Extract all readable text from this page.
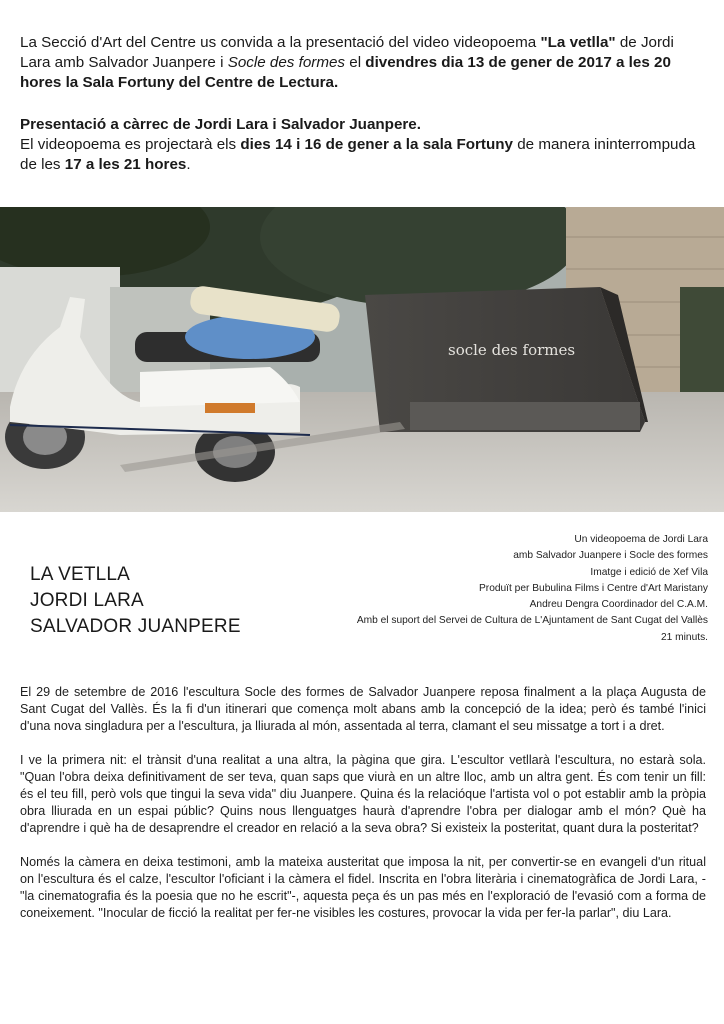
La Secció d'Art del Centre us convida a la presentació del video videopoema "La vetlla" de Jordi Lara amb Salvador Juanpere i Socle des formes el divendres dia 13 de gener de 2017 a les 20 hores la Sala Fortuny del Centre de Lectura.

Presentació a càrrec de Jordi Lara i Salvador Juanpere.
El videopoema es projectarà els dies 14 i 16 de gener a la sala Fortuny de manera ininterrompuda de les 17 a les 21 hores.

socle des formes
Un videopoema de Jordi Lara
amb Salvador Juanpere i Socle des formes
Imatge i edició de Xef Vila
Produït per Bubulina Films i Centre d'Art Maristany
Andreu Dengra Coordinador del C.A.M.
Amb el suport del Servei de Cultura de L'Ajuntament de Sant Cugat del Vallès
21 minuts.
LA VETLLA
JORDI LARA
SALVADOR JUANPERE

El 29 de setembre de 2016 l'escultura Socle des formes de Salvador Juanpere reposa finalment a la plaça Augusta de Sant Cugat del Vallès. És la fi d'un itinerari que comença molt abans amb la concepció de la idea; però és també l'inici d'una nova singladura per a l'escultura, ja lliurada al món, assentada al terra, clamant el seu missatge a tort i a dret.

I ve la primera nit: el trànsit d'una realitat a una altra, la pàgina que gira. L'escultor vetllarà l'escultura, no estarà sola. "Quan l'obra deixa definitivament de ser teva, quan saps que viurà en un altre lloc, amb un altra gent. És com tenir un fill: és el teu fill, però vols que tingui la seva vida" diu Juanpere. Quina és la relacióque l'artista vol o pot establir amb la pròpia obra lliurada en un espai públic? Quins nous llenguatges haurà d'aprendre l'obra per dialogar amb el món? Què ha d'aprendre i què ha de desaprendre el creador en relació a la seva obra? Si existeix la posteritat, quant dura la posteritat?

Només la càmera en deixa testimoni, amb la mateixa austeritat que imposa la nit, per convertir-se en evangeli d'un ritual on l'escultura és el calze, l'escultor l'oficiant i la càmera el fidel. Inscrita en l'obra literària i cinematogràfica de Jordi Lara, -"la cinematografia és la poesia que no he escrit"-, aquesta peça és un pas més en l'exploració de l'evasió com a forma de coneixement. "Inocular de ficció la realitat per fer-ne visibles les costures, provocar la vida per fer-la parlar", diu Lara.
